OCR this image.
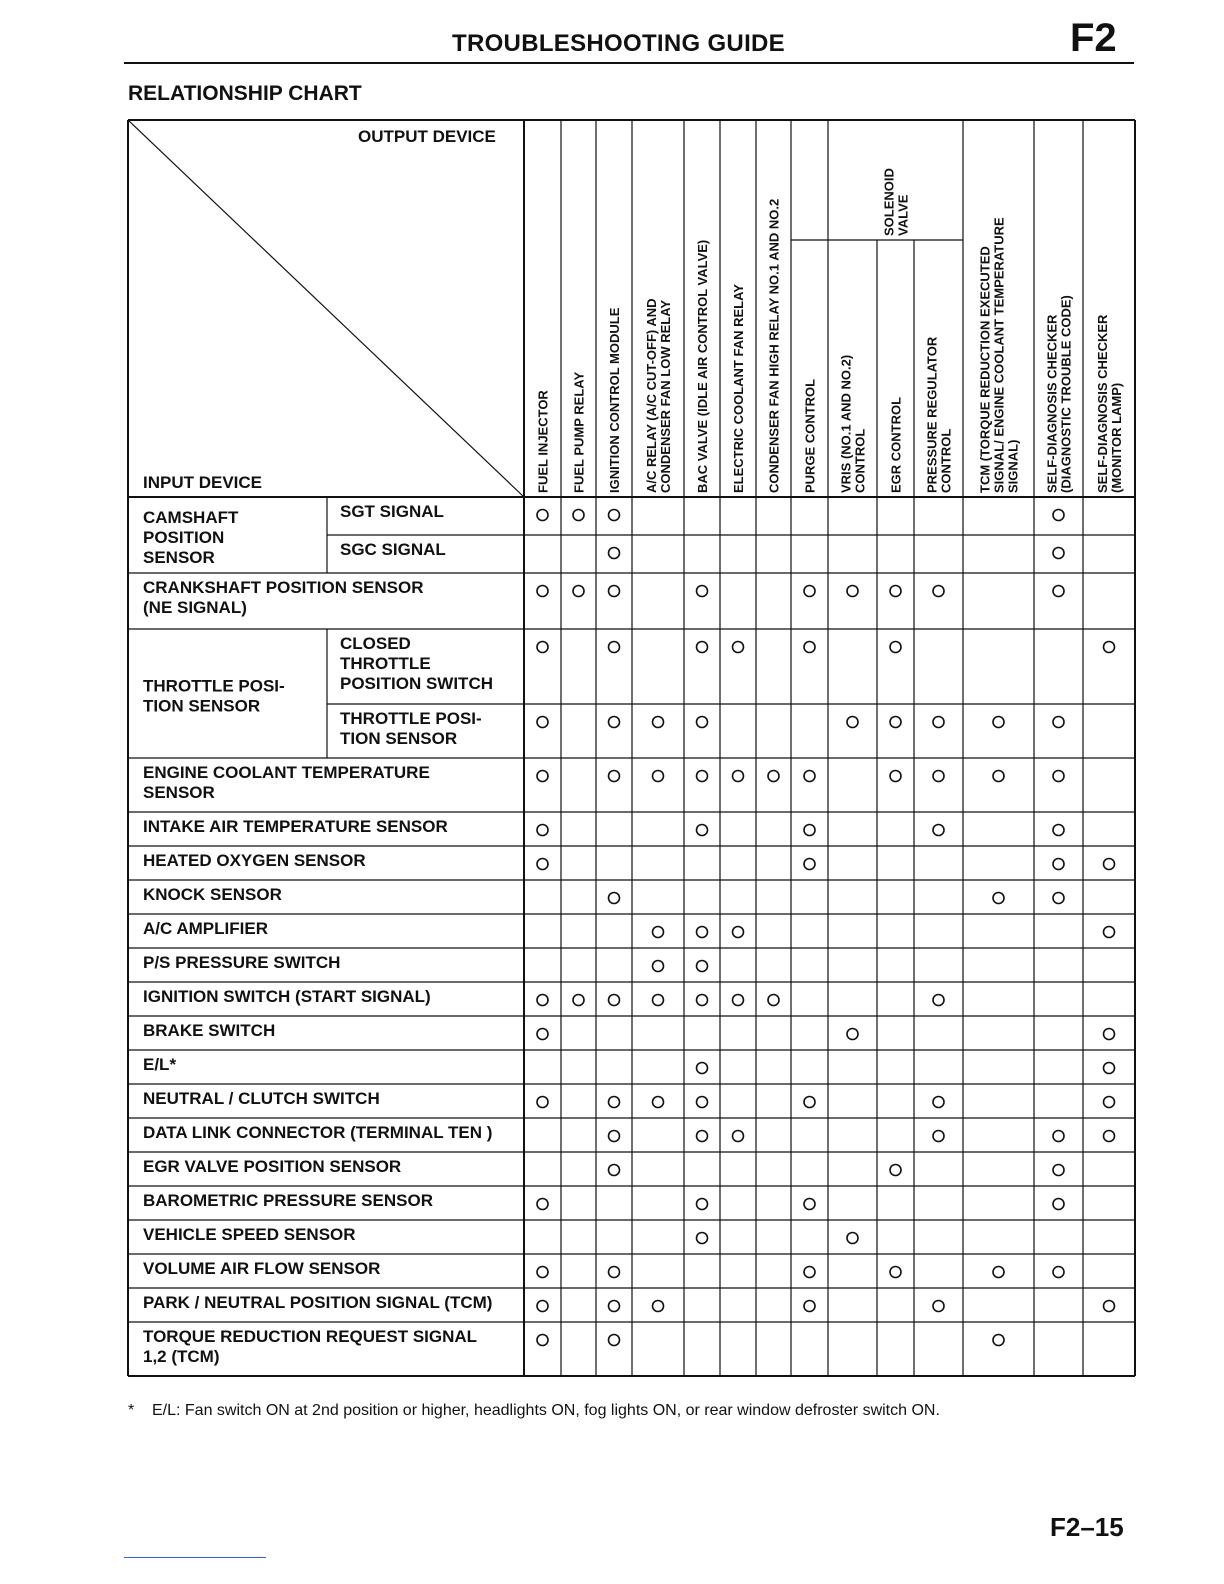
TROUBLESHOOTING GUIDE	F2
RELATIONSHIP CHART
OUTPUT DEVICE
INPUT DEVICE	FUEL INJECTOR FUEL PUMP RELAY IGNITION CONTROL MODULE A/C RELAY (A/C CUT-OFF) ANDCONDENSER FAN LOW RELAY BAC VALVE (IDLE AIR CONTROL VALVE) ELECTRIC COOLANT FAN RELAY CONDENSER FAN HIGH RELAY NO.1 AND NO.2 PURGE CONTROL VRIS (NO.1 AND NO.2)CONTROL EGR CONTROL PRESSURE REGULATORCONTROL TCM (TORQUE REDUCTION EXECUTEDSIGNAL/ ENGINE COOLANT TEMPERATURESIGNAL) SELF-DIAGNOSIS CHECKER(DIAGNOSTIC TROUBLE CODE) SELF-DIAGNOSIS CHECKER(MONITOR LAMP)
SOLENOIDVALVE
CAMSHAFT
POSITION
SENSOR
SGT SIGNAL
SGC SIGNAL
CRANKSHAFT POSITION SENSOR
(NE SIGNAL)
THROTTLE POSI-
TION SENSOR
CLOSED
THROTTLE
POSITION SWITCH
THROTTLE POSI-
TION SENSOR
ENGINE COOLANT TEMPERATURE
SENSOR
INTAKE AIR TEMPERATURE SENSOR
HEATED OXYGEN SENSOR
KNOCK SENSOR
A/C AMPLIFIER
P/S PRESSURE SWITCH
IGNITION SWITCH (START SIGNAL)
BRAKE SWITCH
E/L*
NEUTRAL / CLUTCH SWITCH
DATA LINK CONNECTOR (TERMINAL TEN )
EGR VALVE POSITION SENSOR
BAROMETRIC PRESSURE SENSOR
VEHICLE SPEED SENSOR
VOLUME AIR FLOW SENSOR
PARK / NEUTRAL POSITION SIGNAL (TCM)
TORQUE REDUCTION REQUEST SIGNAL
1,2 (TCM)
* E/L: Fan switch ON at 2nd position or higher, headlights ON, fog lights ON, or rear window defroster switch ON.
F2–15
